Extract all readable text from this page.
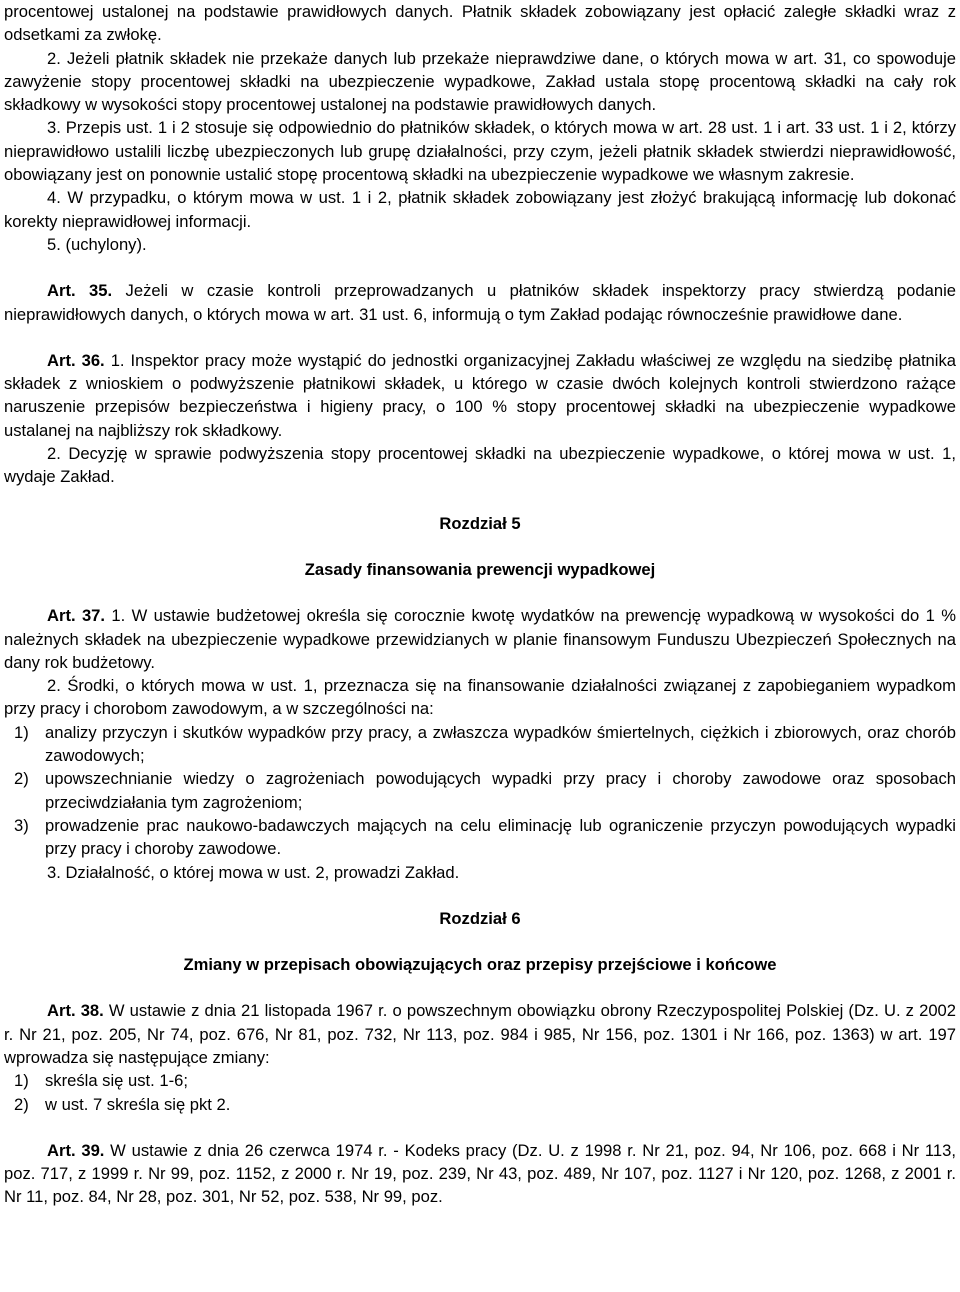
procentowej ustalonej na podstawie prawidłowych danych. Płatnik składek zobowiązany jest opłacić zaległe składki wraz z odsetkami za zwłokę.

2. Jeżeli płatnik składek nie przekaże danych lub przekaże nieprawdziwe dane, o których mowa w art. 31, co spowoduje zawyżenie stopy procentowej składki na ubezpieczenie wypadkowe, Zakład ustala stopę procentową składki na cały rok składkowy w wysokości stopy procentowej ustalonej na podstawie prawidłowych danych.

3. Przepis ust. 1 i 2 stosuje się odpowiednio do płatników składek, o których mowa w art. 28 ust. 1 i art. 33 ust. 1 i 2, którzy nieprawidłowo ustalili liczbę ubezpieczonych lub grupę działalności, przy czym, jeżeli płatnik składek stwierdzi nieprawidłowość, obowiązany jest on ponownie ustalić stopę procentową składki na ubezpieczenie wypadkowe we własnym zakresie.

4. W przypadku, o którym mowa w ust. 1 i 2, płatnik składek zobowiązany jest złożyć brakującą informację lub dokonać korekty nieprawidłowej informacji.

5. (uchylony).

Art. 35. Jeżeli w czasie kontroli przeprowadzanych u płatników składek inspektorzy pracy stwierdzą podanie nieprawidłowych danych, o których mowa w art. 31 ust. 6, informują o tym Zakład podając równocześnie prawidłowe dane.

Art. 36. 1. Inspektor pracy może wystąpić do jednostki organizacyjnej Zakładu właściwej ze względu na siedzibę płatnika składek z wnioskiem o podwyższenie płatnikowi składek, u którego w czasie dwóch kolejnych kontroli stwierdzono rażące naruszenie przepisów bezpieczeństwa i higieny pracy, o 100 % stopy procentowej składki na ubezpieczenie wypadkowe ustalanej na najbliższy rok składkowy.

2. Decyzję w sprawie podwyższenia stopy procentowej składki na ubezpieczenie wypadkowe, o której mowa w ust. 1, wydaje Zakład.

Rozdział 5

Zasady finansowania prewencji wypadkowej

Art. 37. 1. W ustawie budżetowej określa się corocznie kwotę wydatków na prewencję wypadkową w wysokości do 1 % należnych składek na ubezpieczenie wypadkowe przewidzianych w planie finansowym Funduszu Ubezpieczeń Społecznych na dany rok budżetowy.

2. Środki, o których mowa w ust. 1, przeznacza się na finansowanie działalności związanej z zapobieganiem wypadkom przy pracy i chorobom zawodowym, a w szczególności na:

1) analizy przyczyn i skutków wypadków przy pracy, a zwłaszcza wypadków śmiertelnych, ciężkich i zbiorowych, oraz chorób zawodowych;
2) upowszechnianie wiedzy o zagrożeniach powodujących wypadki przy pracy i choroby zawodowe oraz sposobach przeciwdziałania tym zagrożeniom;
3) prowadzenie prac naukowo-badawczych mających na celu eliminację lub ograniczenie przyczyn powodujących wypadki przy pracy i choroby zawodowe.

3. Działalność, o której mowa w ust. 2, prowadzi Zakład.

Rozdział 6

Zmiany w przepisach obowiązujących oraz przepisy przejściowe i końcowe

Art. 38. W ustawie z dnia 21 listopada 1967 r. o powszechnym obowiązku obrony Rzeczypospolitej Polskiej (Dz. U. z 2002 r. Nr 21, poz. 205, Nr 74, poz. 676, Nr 81, poz. 732, Nr 113, poz. 984 i 985, Nr 156, poz. 1301 i Nr 166, poz. 1363) w art. 197 wprowadza się następujące zmiany:

1) skreśla się ust. 1-6;
2) w ust. 7 skreśla się pkt 2.

Art. 39. W ustawie z dnia 26 czerwca 1974 r. - Kodeks pracy (Dz. U. z 1998 r. Nr 21, poz. 94, Nr 106, poz. 668 i Nr 113, poz. 717, z 1999 r. Nr 99, poz. 1152, z 2000 r. Nr 19, poz. 239, Nr 43, poz. 489, Nr 107, poz. 1127 i Nr 120, poz. 1268, z 2001 r. Nr 11, poz. 84, Nr 28, poz. 301, Nr 52, poz. 538, Nr 99, poz.
